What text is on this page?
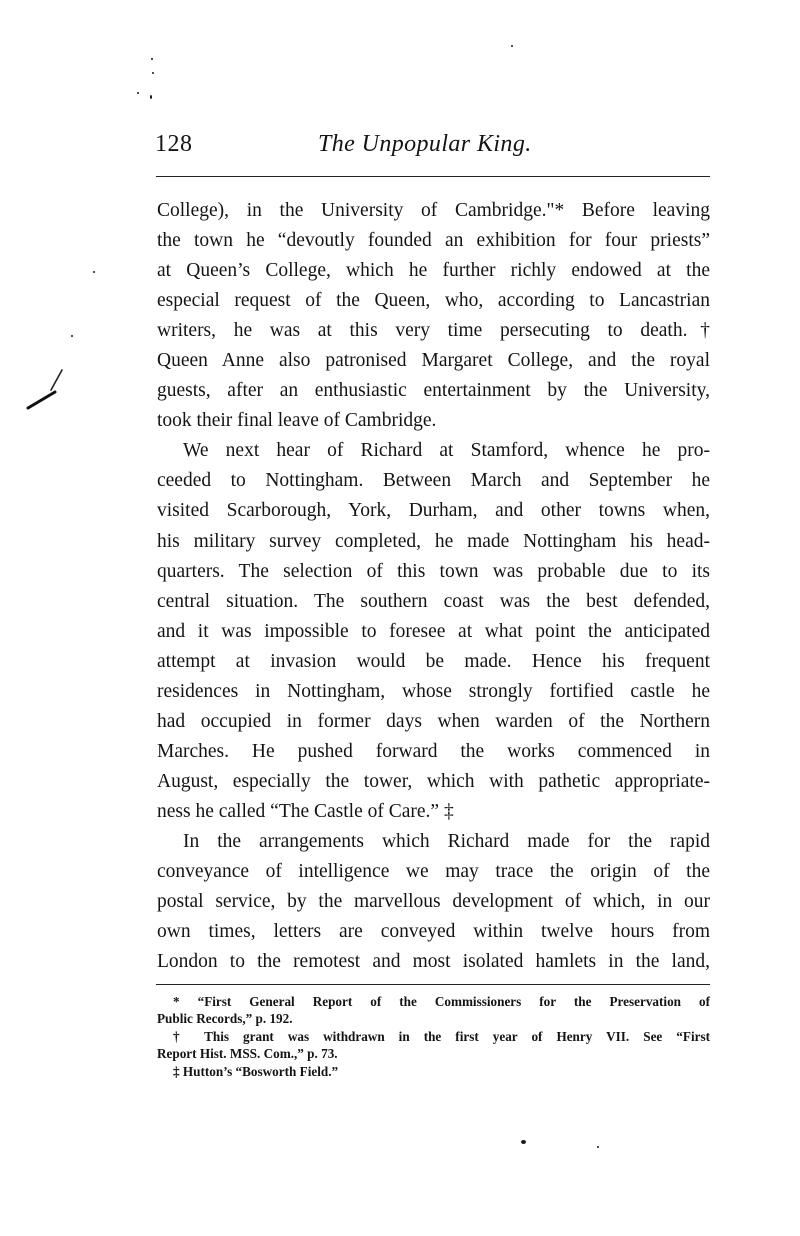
128	The Unpopular King.
College), in the University of Cambridge."* Before leaving
the town he “devoutly founded an exhibition for four priests”
at Queen’s College, which he further richly endowed at the
especial request of the Queen, who, according to Lancastrian
writers, he was at this very time persecuting to death.†
Queen Anne also patronised Margaret College, and the royal
guests, after an enthusiastic entertainment by the University,
took their final leave of Cambridge.
We next hear of Richard at Stamford, whence he pro-
ceeded to Nottingham. Between March and September he
visited Scarborough, York, Durham, and other towns when,
his military survey completed, he made Nottingham his head-
quarters. The selection of this town was probable due to its
central situation. The southern coast was the best defended,
and it was impossible to foresee at what point the anticipated
attempt at invasion would be made. Hence his frequent
residences in Nottingham, whose strongly fortified castle he
had occupied in former days when warden of the Northern
Marches. He pushed forward the works commenced in
August, especially the tower, which with pathetic appropriate-
ness he called “The Castle of Care.” ‡
In the arrangements which Richard made for the rapid
conveyance of intelligence we may trace the origin of the
postal service, by the marvellous development of which, in our
own times, letters are conveyed within twelve hours from
London to the remotest and most isolated hamlets in the land,
* “First General Report of the Commissioners for the Preservation of
Public Records,” p. 192.
† This grant was withdrawn in the first year of Henry VII. See “First
Report Hist. MSS. Com.,” p. 73.
‡ Hutton’s “Bosworth Field.”
